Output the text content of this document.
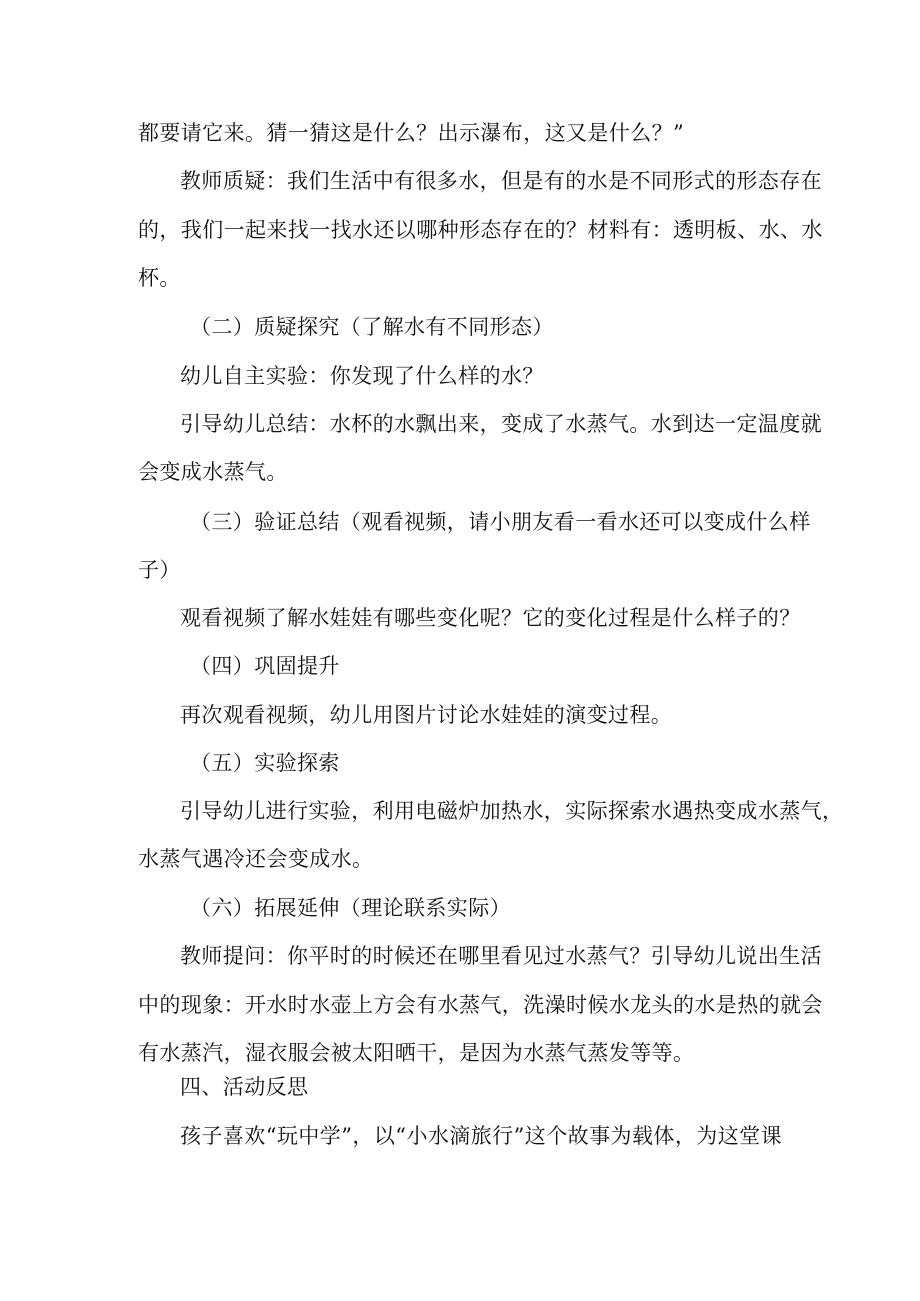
都要请它来。猜一猜这是什么？出示瀑布，这又是什么？”
教师质疑：我们生活中有很多水，但是有的水是不同形式的形态存在
的，我们一起来找一找水还以哪种形态存在的？材料有：透明板、水、水
杯。
（二）质疑探究（了解水有不同形态）
幼儿自主实验：你发现了什么样的水？
引导幼儿总结：水杯的水飘出来，变成了水蒸气。水到达一定温度就
会变成水蒸气。
（三）验证总结（观看视频，请小朋友看一看水还可以变成什么样
子）
观看视频了解水娃娃有哪些变化呢？它的变化过程是什么样子的？
（四）巩固提升
再次观看视频，幼儿用图片讨论水娃娃的演变过程。
（五）实验探索
引导幼儿进行实验，利用电磁炉加热水，实际探索水遇热变成水蒸气，
水蒸气遇冷还会变成水。
（六）拓展延伸（理论联系实际）
教师提问：你平时的时候还在哪里看见过水蒸气？引导幼儿说出生活
中的现象：开水时水壶上方会有水蒸气，洗澡时候水龙头的水是热的就会
有水蒸汽，湿衣服会被太阳晒干，是因为水蒸气蒸发等等。
四、活动反思
孩子喜欢“玩中学”，以“小水滴旅行”这个故事为载体，为这堂课
